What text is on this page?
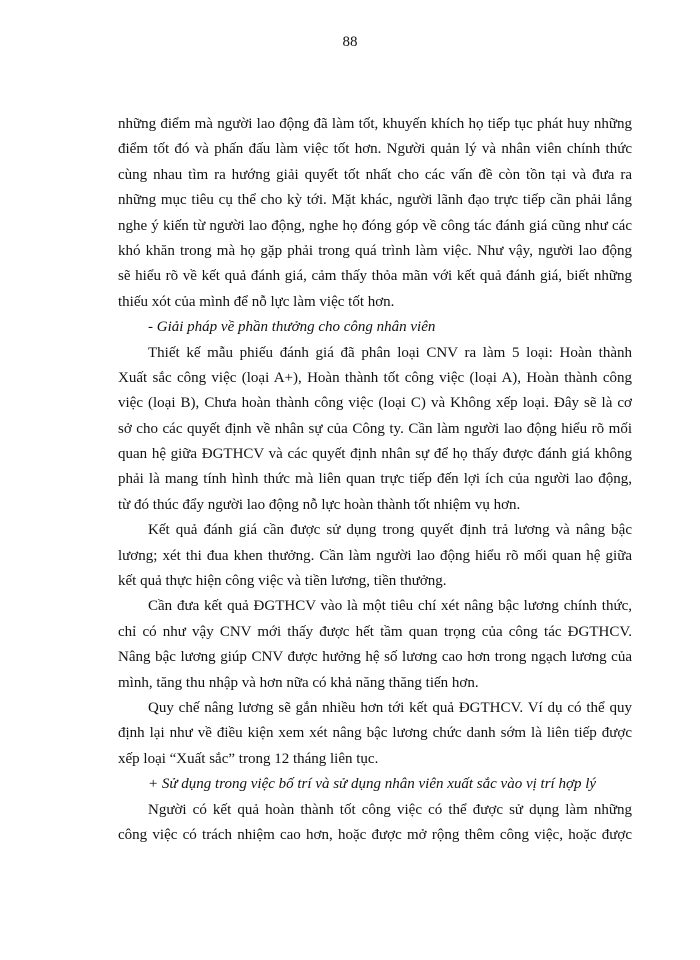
88
những điểm mà người lao động đã làm tốt, khuyến khích họ tiếp tục phát huy những
điểm tốt đó và phấn đấu làm việc tốt hơn. Người quản lý và nhân viên chính thức
cùng nhau tìm ra hướng giải quyết tốt nhất cho các vấn đề còn tồn tại và đưa ra
những mục tiêu cụ thể cho kỳ tới. Mặt khác, người lãnh đạo trực tiếp cần phải lắng
nghe ý kiến từ người lao động, nghe họ đóng góp về công tác đánh giá cũng như các
khó khăn trong mà họ gặp phải trong quá trình làm việc. Như vậy, người lao động
sẽ hiểu rõ về kết quả đánh giá, cảm thấy thỏa mãn với kết quả đánh giá, biết những
thiếu xót của mình để nỗ lực làm việc tốt hơn.
- Giải pháp về phần thưởng cho công nhân viên
Thiết kế mẫu phiếu đánh giá đã phân loại CNV ra làm 5 loại: Hoàn thành
Xuất sắc công việc (loại A+), Hoàn thành tốt công việc (loại A), Hoàn thành công
việc (loại B), Chưa hoàn thành công việc (loại C) và Không xếp loại. Đây sẽ là cơ
sở cho các quyết định về nhân sự của Công ty. Cần làm người lao động hiểu rõ mối
quan hệ giữa ĐGTHCV và các quyết định nhân sự để họ thấy được đánh giá không
phải là mang tính hình thức mà liên quan trực tiếp đến lợi ích của người lao động,
từ đó thúc đẩy người lao động nỗ lực hoàn thành tốt nhiệm vụ hơn.
Kết quả đánh giá cần được sử dụng trong quyết định trả lương và nâng bậc
lương; xét thi đua khen thưởng. Cần làm người lao động hiểu rõ mối quan hệ giữa
kết quả thực hiện công việc và tiền lương, tiền thưởng.
Cần đưa kết quả ĐGTHCV vào là một tiêu chí xét nâng bậc lương chính thức,
chỉ có như vậy CNV mới thấy được hết tầm quan trọng của công tác ĐGTHCV.
Nâng bậc lương giúp CNV được hưởng hệ số lương cao hơn trong ngạch lương của
mình, tăng thu nhập và hơn nữa có khả năng thăng tiến hơn.
Quy chế nâng lương sẽ gắn nhiều hơn tới kết quả ĐGTHCV. Ví dụ có thể quy
định lại như về điều kiện xem xét nâng bậc lương chức danh sớm là liên tiếp được
xếp loại “Xuất sắc” trong 12 tháng liên tục.
+ Sử dụng trong việc bố trí và sử dụng nhân viên xuất sắc vào vị trí hợp lý
Người có kết quả hoàn thành tốt công việc có thể được sử dụng làm những
công việc có trách nhiệm cao hơn, hoặc được mở rộng thêm công việc, hoặc được
